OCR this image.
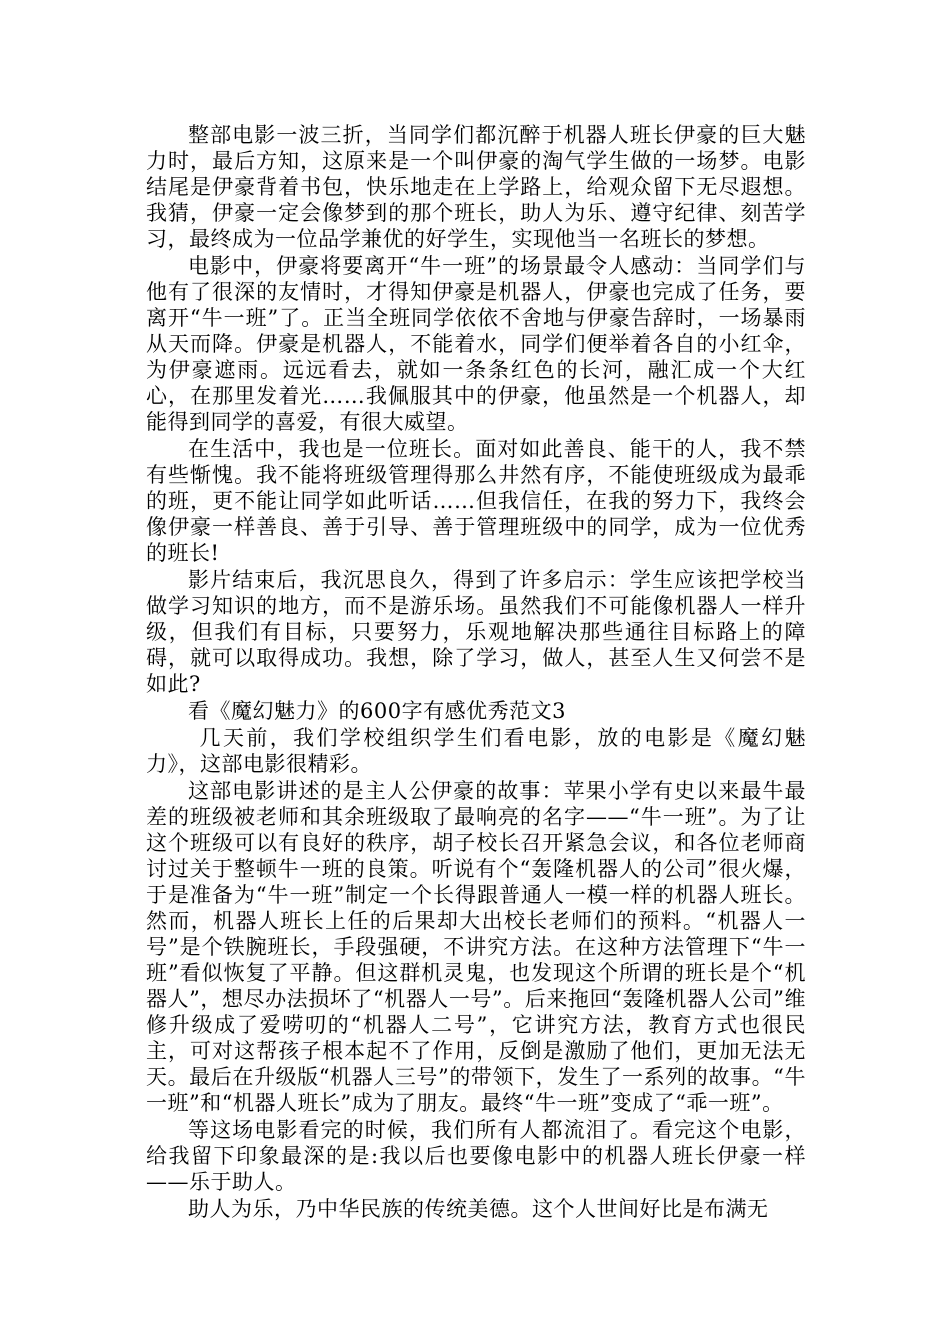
整部电影一波三折，当同学们都沉醉于机器人班长伊豪的巨大魅力时，最后方知，这原来是一个叫伊豪的淘气学生做的一场梦。电影结尾是伊豪背着书包，快乐地走在上学路上，给观众留下无尽遐想。我猜，伊豪一定会像梦到的那个班长，助人为乐、遵守纪律、刻苦学习，最终成为一位品学兼优的好学生，实现他当一名班长的梦想。

电影中，伊豪将要离开“牛一班”的场景最令人感动：当同学们与他有了很深的友情时，才得知伊豪是机器人，伊豪也完成了任务，要离开“牛一班”了。正当全班同学依依不舍地与伊豪告辞时，一场暴雨从天而降。伊豪是机器人，不能着水，同学们便举着各自的小红伞，为伊豪遮雨。远远看去，就如一条条红色的长河，融汇成一个大红心，在那里发着光……我佩服其中的伊豪，他虽然是一个机器人，却能得到同学的喜爱，有很大威望。

在生活中，我也是一位班长。面对如此善良、能干的人，我不禁有些惭愧。我不能将班级管理得那么井然有序，不能使班级成为最乖的班，更不能让同学如此听话……但我信任，在我的努力下，我终会像伊豪一样善良、善于引导、善于管理班级中的同学，成为一位优秀的班长!

影片结束后，我沉思良久，得到了许多启示：学生应该把学校当做学习知识的地方，而不是游乐场。虽然我们不可能像机器人一样升级，但我们有目标，只要努力，乐观地解决那些通往目标路上的障碍，就可以取得成功。我想，除了学习，做人，甚至人生又何尝不是如此?

看《魔幻魅力》的600字有感优秀范文3

几天前，我们学校组织学生们看电影，放的电影是《魔幻魅力》，这部电影很精彩。

这部电影讲述的是主人公伊豪的故事：苹果小学有史以来最牛最差的班级被老师和其余班级取了最响亮的名字——“牛一班”。为了让这个班级可以有良好的秩序，胡子校长召开紧急会议，和各位老师商讨过关于整顿牛一班的良策。听说有个“轰隆机器人的公司”很火爆，于是准备为“牛一班”制定一个长得跟普通人一模一样的机器人班长。然而，机器人班长上任的后果却大出校长老师们的预料。“机器人一号”是个铁腕班长，手段强硬，不讲究方法。在这种方法管理下“牛一班”看似恢复了平静。但这群机灵鬼，也发现这个所谓的班长是个“机器人”，想尽办法损坏了“机器人一号”。后来拖回“轰隆机器人公司”维修升级成了爱唠叨的“机器人二号”，它讲究方法，教育方式也很民主，可对这帮孩子根本起不了作用，反倒是激励了他们，更加无法无天。最后在升级版“机器人三号”的带领下，发生了一系列的故事。“牛一班”和“机器人班长”成为了朋友。最终“牛一班”变成了“乖一班”。

等这场电影看完的时候，我们所有人都流泪了。看完这个电影，给我留下印象最深的是:我以后也要像电影中的机器人班长伊豪一样——乐于助人。

助人为乐，乃中华民族的传统美德。这个人世间好比是布满无
